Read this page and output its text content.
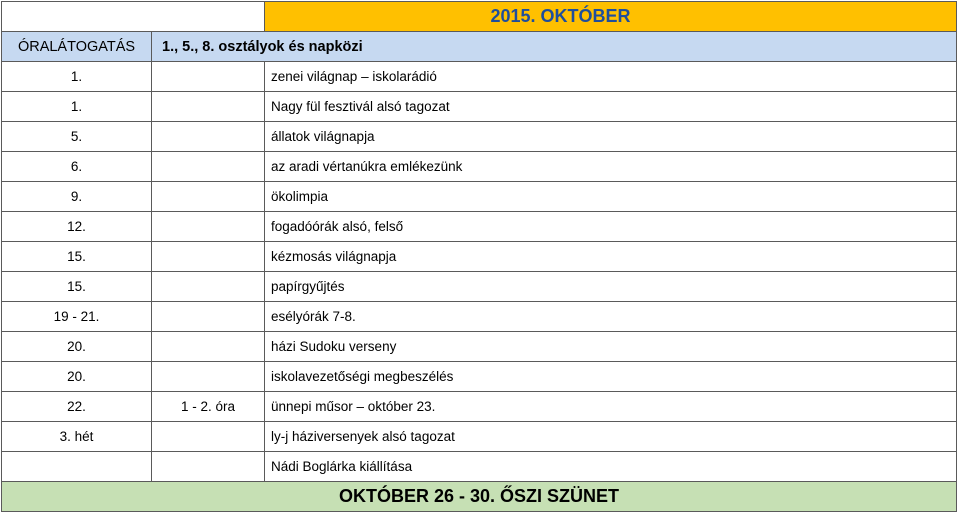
		2015. OKTÓBER
ÓRALÁTOGATÁS	1., 5., 8. osztályok és napközi	
1.		zenei világnap – iskolarádió
1.		Nagy fül fesztivál alsó tagozat
5.		állatok világnapja
6.		az aradi vértanúkra emlékezünk
9.		ökolimpia
12.		fogadóórák alsó, felső
15.		kézmosás világnapja
15.		papírgyűjtés
19 - 21.		esélyórák 7-8.
20.		házi Sudoku verseny
20.		iskolavezetőségi megbeszélés
22.	1 - 2. óra	ünnepi műsor – október 23.
3. hét		ly-j háziversenyek alsó tagozat
		Nádi Boglárka kiállítása
OKTÓBER 26 - 30. ŐSZI SZÜNET		
